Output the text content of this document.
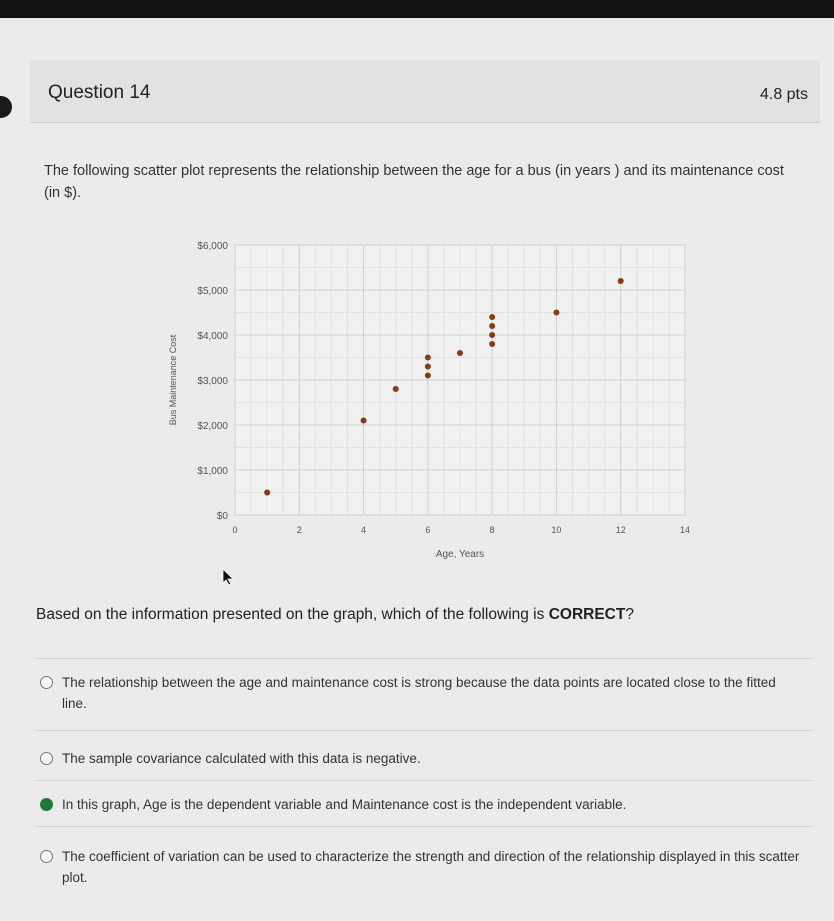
Question 14	4.8 pts
The following scatter plot represents the relationship between the age for a bus (in years ) and its maintenance cost (in $).
$0
$1,000
$2,000
$3,000
$4,000
$5,000
$6,000
0	2	4	6	8	10	12	14
Age, Years
Bus Maintenance Cost
Based on the information presented on the graph, which of the following is CORRECT?
The relationship between the age and maintenance cost is strong because the data points are located close to the fitted line.
The sample covariance calculated with this data is negative.
In this graph, Age is the dependent variable and Maintenance cost is the independent variable.
The coefficient of variation can be used to characterize the strength and direction of the relationship displayed in this scatter plot.
